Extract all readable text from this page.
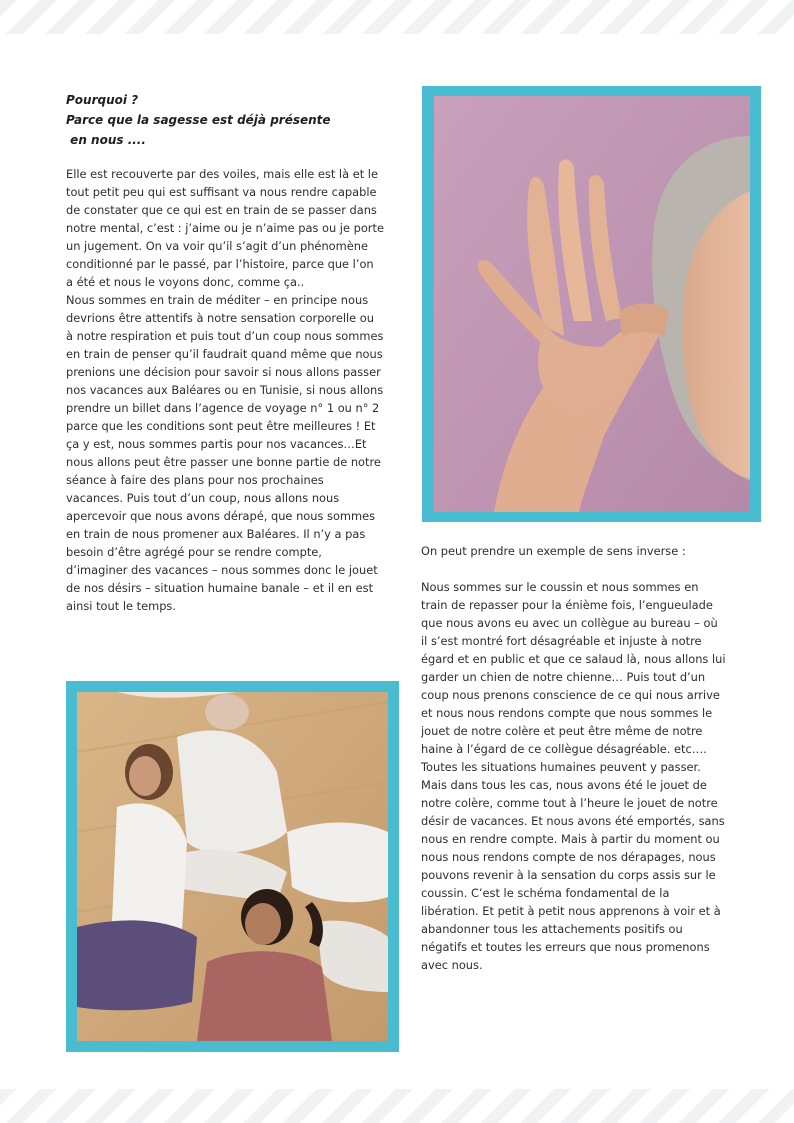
Pourquoi ?
Parce que la sagesse est déjà présente
en nous ....

Elle est recouverte par des voiles, mais elle est là et le tout petit peu qui est suffisant va nous rendre capable de constater que ce qui est en train de se passer dans notre mental, c’est : j’aime ou je n’aime pas ou je porte un jugement. On va voir qu’il s’agit d’un phénomène conditionné par le passé, par l’histoire, parce que l’on a été et nous le voyons donc, comme ça..

Nous sommes en train de méditer – en principe nous devrions être attentifs à notre sensation corporelle ou à notre respiration et puis tout d’un coup nous sommes en train de penser qu’il faudrait quand même que nous prenions une décision pour savoir si nous allons passer nos vacances aux Baléares ou en Tunisie, si nous allons prendre un billet dans l’agence de voyage n° 1 ou n° 2 parce que les conditions sont peut être meilleures ! Et ça y est, nous sommes partis pour nos vacances…Et nous allons peut être passer une bonne partie de notre séance à faire des plans pour nos prochaines vacances. Puis tout d’un coup, nous allons nous apercevoir que nous avons dérapé, que nous sommes en train de nous promener aux Baléares. Il n’y a pas besoin d’être agrégé pour se rendre compte, d’imaginer des vacances – nous sommes donc le jouet de nos désirs – situation humaine banale – et il en est ainsi tout le temps.

On peut prendre un exemple de sens inverse :

Nous sommes sur le coussin et nous sommes en train de repasser pour la énième fois, l’engueulade que nous avons eu avec un collègue au bureau – où il s’est montré fort désagréable et injuste à notre égard et en public et que ce salaud là, nous allons lui garder un chien de notre chienne… Puis tout d’un coup nous prenons conscience de ce qui nous arrive et nous nous rendons compte que nous sommes le jouet de notre colère et peut être même de notre haine à l’égard de ce collègue désagréable. etc…. Toutes les situations humaines peuvent y passer. Mais dans tous les cas, nous avons été le jouet de notre colère, comme tout à l’heure le jouet de notre désir de vacances. Et nous avons été emportés, sans nous en rendre compte. Mais à partir du moment ou nous nous rendons compte de nos dérapages, nous pouvons revenir à la sensation du corps assis sur le coussin. C’est le schéma fondamental de la libération. Et petit à petit nous apprenons à voir et à abandonner tous les attachements positifs ou négatifs et toutes les erreurs que nous promenons avec nous.
